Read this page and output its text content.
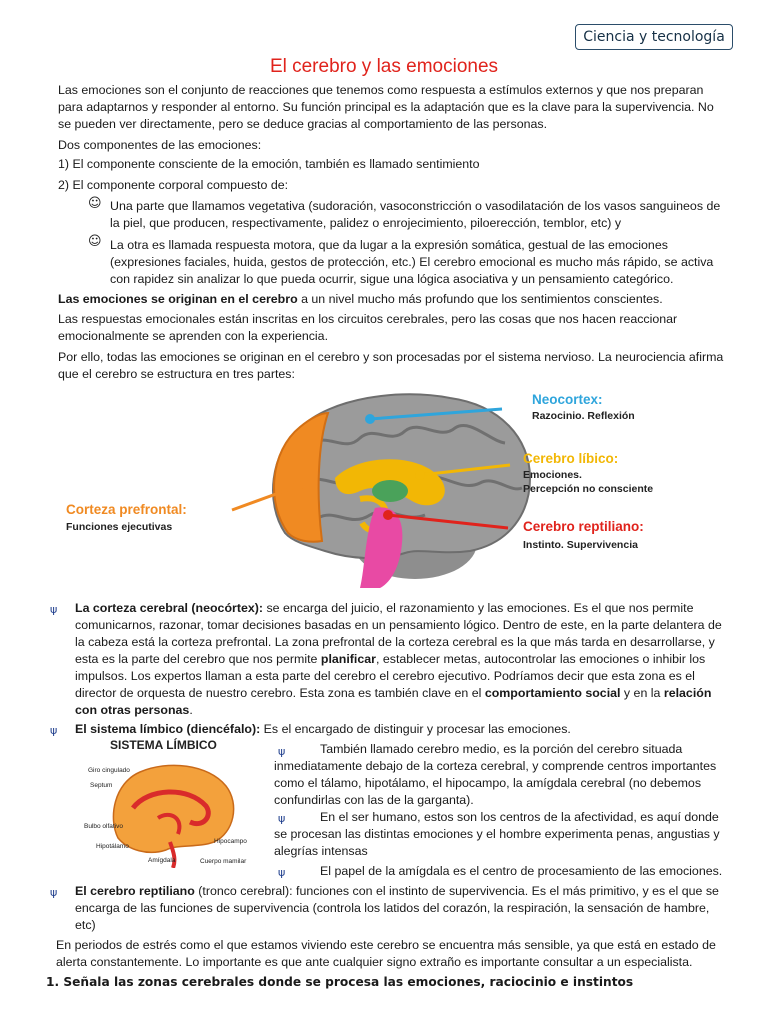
Ciencia y tecnología
El cerebro y las emociones
Las emociones son el conjunto de reacciones que tenemos como respuesta a estímulos externos y que nos preparan
para adaptarnos y responder al entorno. Su función principal es la adaptación que es la clave para la supervivencia. No
se pueden ver directamente, pero se deduce gracias al comportamiento de las personas.
Dos componentes de las emociones:
1) El componente consciente de la emoción, también es llamado sentimiento
2) El componente corporal compuesto de:
☺ Una parte que llamamos vegetativa (sudoración, vasoconstricción o vasodilatación de los vasos sanguineos de
la piel, que producen, respectivamente, palidez o enrojecimiento, piloerección, temblor, etc) y
☺ La otra es llamada respuesta motora, que da lugar a la expresión somática, gestual de las emociones
(expresiones faciales, huida, gestos de protección, etc.) El cerebro emocional es mucho más rápido, se activa
con rapidez sin analizar lo que pueda ocurrir, sigue una lógica asociativa y un pensamiento categórico.
Las emociones se originan en el cerebro a un nivel mucho más profundo que los sentimientos conscientes.
Las respuestas emocionales están inscritas en los circuitos cerebrales, pero las cosas que nos hacen reaccionar
emocionalmente se aprenden con la experiencia.
Por ello, todas las emociones se originan en el cerebro y son procesadas por el sistema nervioso. La neurociencia afirma
que el cerebro se estructura en tres partes:
Neocortex:
Razocinio. Reflexión
Cerebro líbico:
Emociones.
Percepción no consciente
Cerebro reptiliano:
Instinto. Supervivencia
Corteza prefrontal:
Funciones ejecutivas
ψ La corteza cerebral (neocórtex): se encarga del juicio, el razonamiento y las emociones. Es el que nos permite
comunicarnos, razonar, tomar decisiones basadas en un pensamiento lógico. Dentro de este, en la parte delantera de
la cabeza está la corteza prefrontal. La zona prefrontal de la corteza cerebral es la que más tarda en desarrollarse, y
esta es la parte del cerebro que nos permite planificar, establecer metas, autocontrolar las emociones o inhibir los
impulsos. Los expertos llaman a esta parte del cerebro el cerebro ejecutivo. Podríamos decir que esta zona es el
director de orquesta de nuestro cerebro. Esta zona es también clave en el comportamiento social y en la relación
con otras personas.
ψ El sistema límbico (diencéfalo): Es el encargado de distinguir y procesar las emociones.
SISTEMA LÍMBICO
Giro cingulado
Septum
Bulbo olfativo
Hipotálamo
Amígdala	Cuerpo mamilar
Hipocampo
ψ	También llamado cerebro medio, es la porción del cerebro situada
inmediatamente debajo de la corteza cerebral, y comprende centros importantes
como el tálamo, hipotálamo, el hipocampo, la amígdala cerebral (no debemos
confundirlas con las de la garganta).
ψ	En el ser humano, estos son los centros de la afectividad, es aquí donde
se procesan las distintas emociones y el hombre experimenta penas, angustias y
alegrías intensas
ψ	El papel de la amígdala es el centro de procesamiento de las emociones.
ψ El cerebro reptiliano (tronco cerebral): funciones con el instinto de supervivencia. Es el más primitivo, y es el que se
encarga de las funciones de supervivencia (controla los latidos del corazón, la respiración, la sensación de hambre,
etc)
En periodos de estrés como el que estamos viviendo este cerebro se encuentra más sensible, ya que está en estado de
alerta constantemente. Lo importante es que ante cualquier signo extraño es importante consultar a un especialista.
1. Señala las zonas cerebrales donde se procesa las emociones, raciocinio e instintos
